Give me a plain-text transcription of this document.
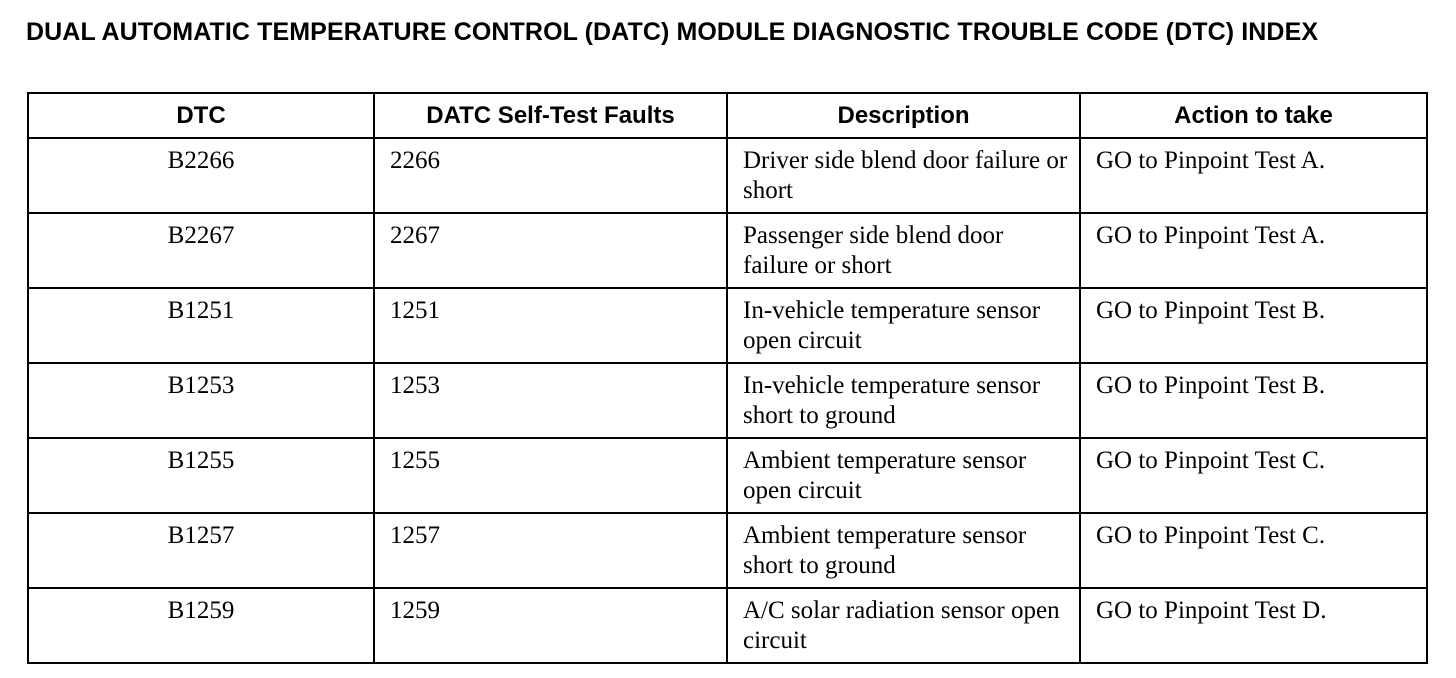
DUAL AUTOMATIC TEMPERATURE CONTROL (DATC) MODULE DIAGNOSTIC TROUBLE CODE (DTC) INDEX
DTC	DATC Self-Test Faults	Description	Action to take

B2266	2266	Driver side blend door failure or short	GO to Pinpoint Test A.

B2267	2267	Passenger side blend door failure or short	GO to Pinpoint Test A.

B1251	1251	In-vehicle temperature sensor open circuit	GO to Pinpoint Test B.

B1253	1253	In-vehicle temperature sensor short to ground	GO to Pinpoint Test B.

B1255	1255	Ambient temperature sensor open circuit	GO to Pinpoint Test C.

B1257	1257	Ambient temperature sensor short to ground	GO to Pinpoint Test C.

B1259	1259	A/C solar radiation sensor open circuit	GO to Pinpoint Test D.
